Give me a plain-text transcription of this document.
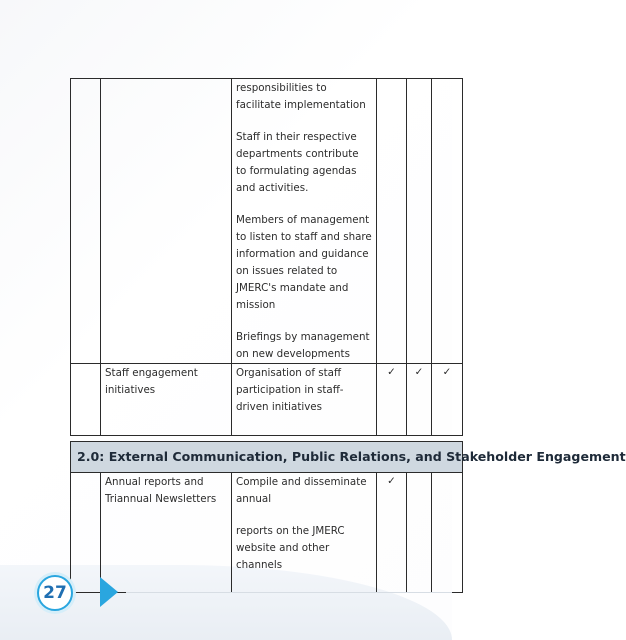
		responsibilities to facilitate implementation

Staff in their respective departments contribute to formulating agendas and activities.

Members of management to listen to staff and share information and guidance on issues related to JMERC's mandate and mission

Briefings by management on new developments			

	Staff engagement initiatives	Organisation of staff participation in staff-driven initiatives	✓	✓	✓

2.0: External Communication, Public Relations, and Stakeholder Engagement					

	Annual reports and Triannual Newsletters	Compile and disseminate annual

reports on the JMERC website and other channels	✓		
27
